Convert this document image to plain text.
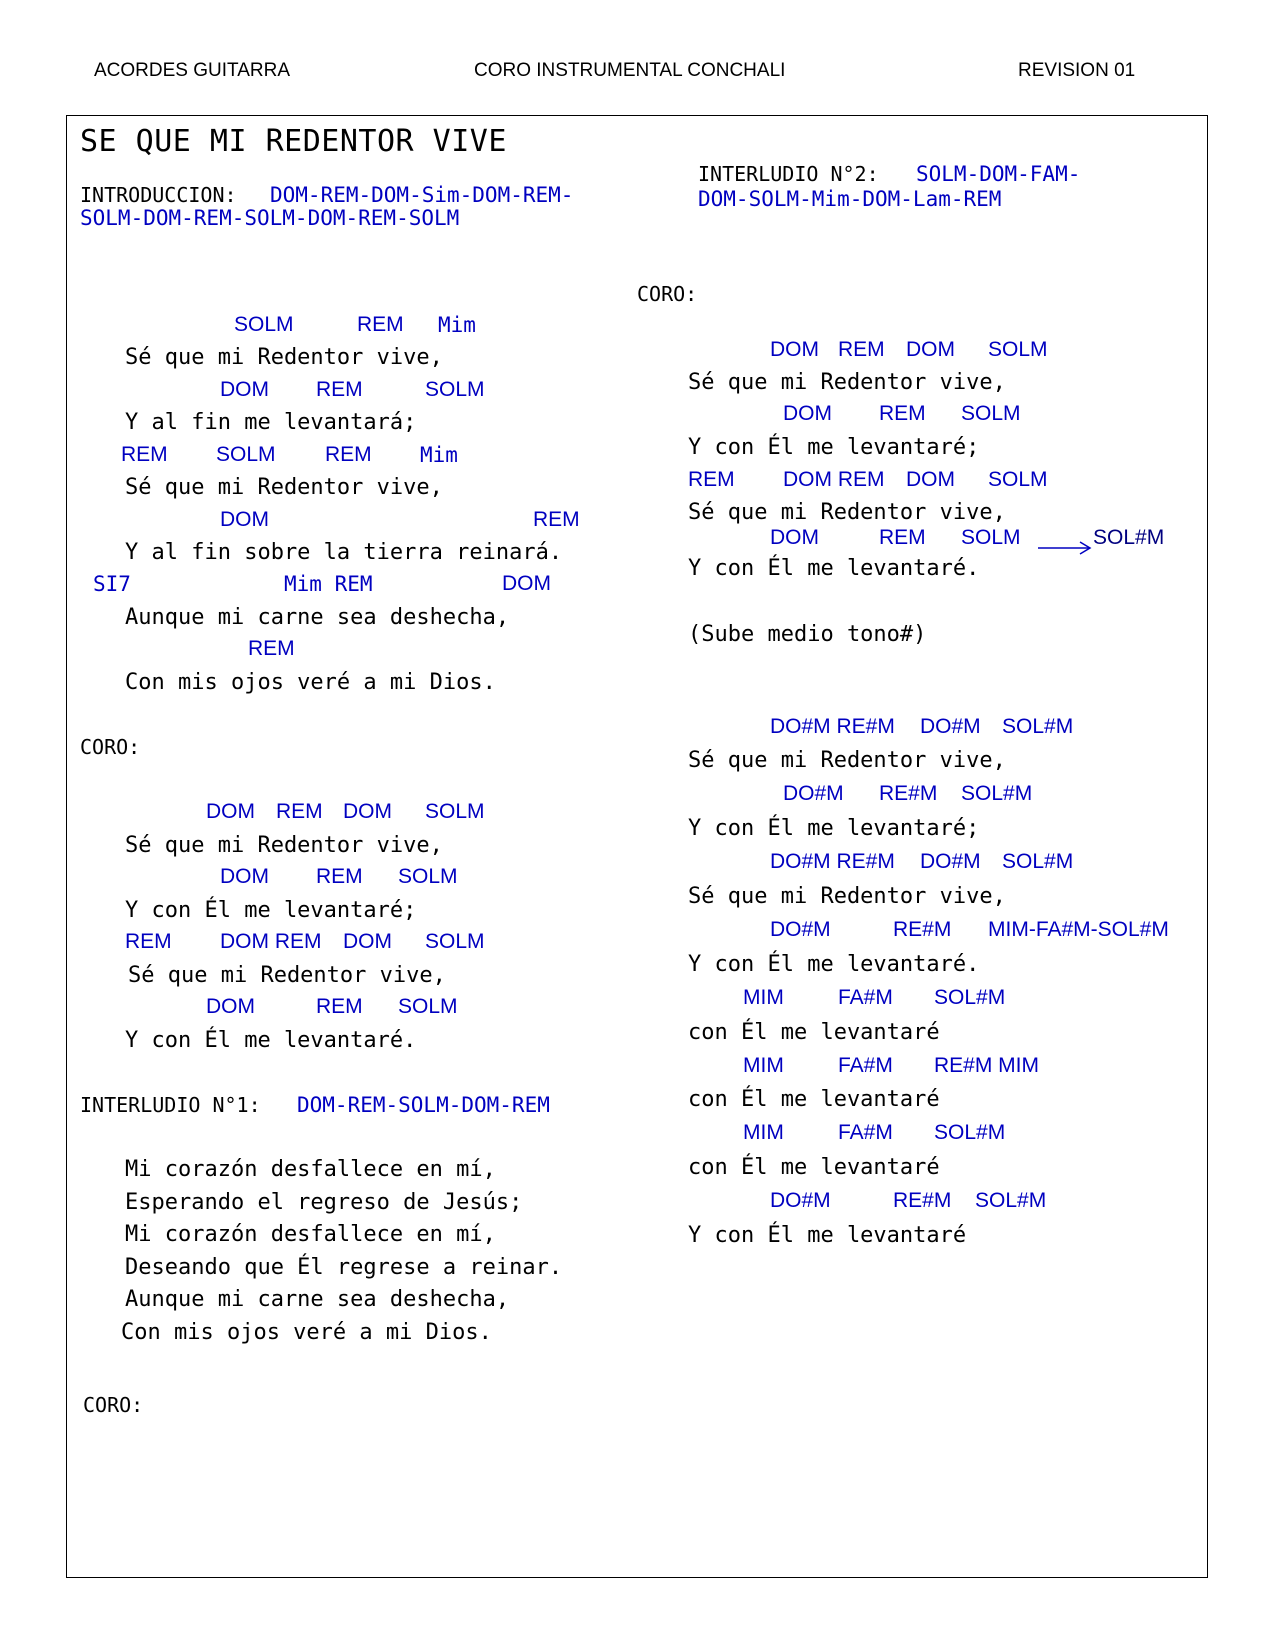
ACORDES GUITARRA	CORO INSTRUMENTAL CONCHALI	REVISION 01
SE QUE MI REDENTOR VIVE
INTRODUCCION: DOM-REM-DOM-Sim-DOM-REM-
SOLM-DOM-REM-SOLM-DOM-REM-SOLM
INTERLUDIO N°2: SOLM-DOM-FAM-
DOM-SOLM-Mim-DOM-Lam-REM
SOLM	REM Mim
Sé que mi Redentor vive,
DOM REM	SOLM
Y al fin me levantará;
REM SOLM REM Mim
Sé que mi Redentor vive,
DOM	REM
Y al fin sobre la tierra reinará.
SI7	Mim REM	DOM
Aunque mi carne sea deshecha,
REM
Con mis ojos veré a mi Dios.
CORO:
DOM REM DOM SOLM
Sé que mi Redentor vive,
DOM REM SOLM
Y con Él me levantaré;
REM DOM REM DOM SOLM
Sé que mi Redentor vive,
DOM	REM SOLM
Y con Él me levantaré.
INTERLUDIO N°1: DOM-REM-SOLM-DOM-REM
Mi corazón desfallece en mí,
Esperando el regreso de Jesús;
Mi corazón desfallece en mí,
Deseando que Él regrese a reinar.
Aunque mi carne sea deshecha,
Con mis ojos veré a mi Dios.
CORO:
CORO:
DOM REM DOM SOLM
Sé que mi Redentor vive,
DOM REM SOLM
Y con Él me levantaré;
REM DOM REM DOM SOLM
Sé que mi Redentor vive,
DOM	REM SOLM	SOL#M
Y con Él me levantaré.
(Sube medio tono#)
DO#M RE#M DO#M SOL#M
Sé que mi Redentor vive,
DO#M RE#M SOL#M
Y con Él me levantaré;
DO#M RE#M DO#M SOL#M
Sé que mi Redentor vive,
DO#M	RE#M MIM-FA#M-SOL#M
Y con Él me levantaré.
MIM	FA#M SOL#M
con Él me levantaré
MIM	FA#M RE#M MIM
con Él me levantaré
MIM	FA#M SOL#M
con Él me levantaré
DO#M	RE#M SOL#M
Y con Él me levantaré
